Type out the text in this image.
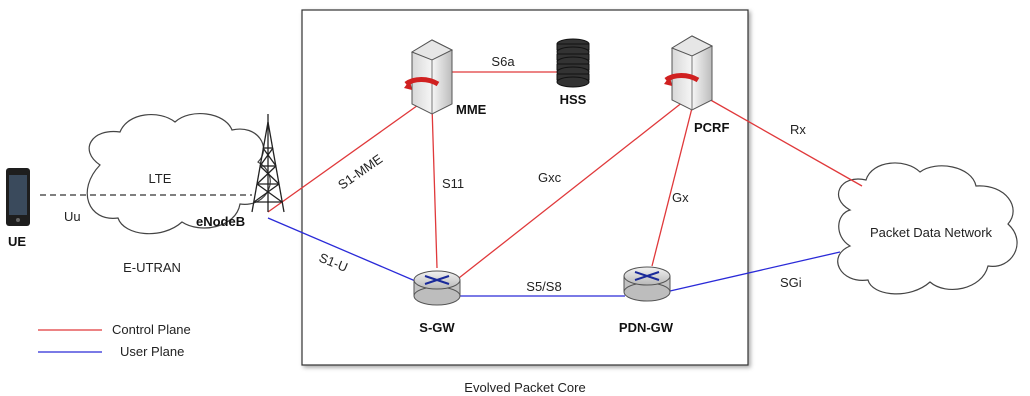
Evolved Packet Core
LTE
E-UTRAN
Packet Data Network
Uu
S6a
S1-MME
S1-U
S11	Gxc
Gx
S5/S8
Rx
SGi
UE
eNodeB
MME
HSS
PCRF
S-GW	PDN-GW
Control Plane
User Plane
